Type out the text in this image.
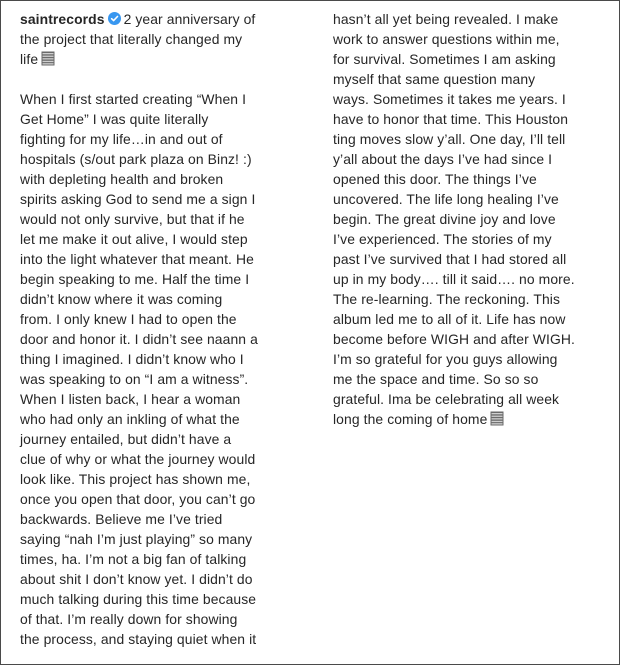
saintrecords 2 year anniversary of
the project that literally changed my
life
When I first started creating “When I
Get Home” I was quite literally
fighting for my life…in and out of
hospitals (s/out park plaza on Binz! :)
with depleting health and broken
spirits asking God to send me a sign I
would not only survive, but that if he
let me make it out alive, I would step
into the light whatever that meant. He
begin speaking to me. Half the time I
didn’t know where it was coming
from. I only knew I had to open the
door and honor it. I didn’t see naann a
thing I imagined. I didn’t know who I
was speaking to on “I am a witness”.
When I listen back, I hear a woman
who had only an inkling of what the
journey entailed, but didn’t have a
clue of why or what the journey would
look like. This project has shown me,
once you open that door, you can’t go
backwards. Believe me I’ve tried
saying “nah I’m just playing” so many
times, ha. I’m not a big fan of talking
about shit I don’t know yet. I didn’t do
much talking during this time because
of that. I’m really down for showing
the process, and staying quiet when it
hasn’t all yet being revealed. I make
work to answer questions within me,
for survival. Sometimes I am asking
myself that same question many
ways. Sometimes it takes me years. I
have to honor that time. This Houston
ting moves slow y’all. One day, I’ll tell
y’all about the days I’ve had since I
opened this door. The things I’ve
uncovered. The life long healing I’ve
begin. The great divine joy and love
I’ve experienced. The stories of my
past I’ve survived that I had stored all
up in my body…. till it said…. no more.
The re-learning. The reckoning. This
album led me to all of it. Life has now
become before WIGH and after WIGH.
I’m so grateful for you guys allowing
me the space and time. So so so
grateful. Ima be celebrating all week
long the coming of home
